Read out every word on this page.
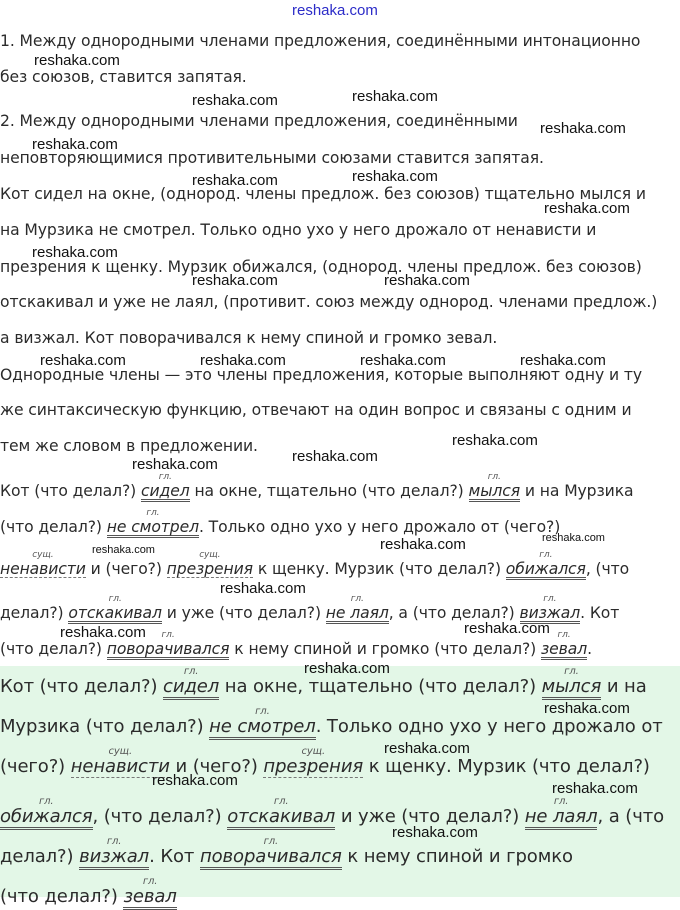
reshaka.com
1. Между однородными членами предложения, соединёнными интонационно
без союзов, ставится запятая.
2. Между однородными членами предложения, соединёнными
неповторяющимися противительными союзами ставится запятая.
Кот сидел на окне, (однород. члены предлож. без союзов) тщательно мылся и
на Мурзика не смотрел. Только одно ухо у него дрожало от ненависти и
презрения к щенку. Мурзик обижался, (однород. члены предлож. без союзов)
отскакивал и уже не лаял, (противит. союз между однород. членами предлож.)
а визжал. Кот поворачивался к нему спиной и громко зевал.
Однородные члены — это члены предложения, которые выполняют одну и ту
же синтаксическую функцию, отвечают на один вопрос и связаны с одним и
тем же словом в предложении.
Кот (что делал?)
гл.
сидел на окне, тщательно (что делал?)
гл.
мылся и на Мурзика
(что делал?)
гл.
не смотрел. Только одно ухо у него дрожало от (чего?)
сущ.
ненависти и (чего?)
сущ.
презрения к щенку. Мурзик (что делал?)
гл.
обижался, (что
делал?)
гл.
отскакивал и уже (что делал?)
гл.
не лаял, а (что делал?)
гл.
визжал. Кот
(что делал?)
гл.
поворачивался к нему спиной и громко (что делал?)
гл.
зевал.
Кот (что делал?)
гл.
сидел на окне, тщательно (что делал?)
гл.
мылся и на
Мурзика (что делал?)
гл.
не смотрел. Только одно ухо у него дрожало от
(чего?)
сущ.
ненависти и (чего?)
сущ.
презрения к щенку. Мурзик (что делал?)
гл.
обижался, (что делал?)
гл.
отскакивал и уже (что делал?)
гл.
не лаял, а (что
делал?)
гл.
визжал. Кот
гл.
поворачивался к нему спиной и громко
(что делал?)
гл.
зевал
reshaka.com
reshaka.com	reshaka.com
reshaka.com
reshaka.com
reshaka.com	reshaka.com
reshaka.com
reshaka.com
reshaka.com	reshaka.com
reshaka.com	reshaka.com	reshaka.com	reshaka.com
reshaka.com
reshaka.com
reshaka.com
reshaka.com	reshaka.com	reshaka.com
reshaka.com
reshaka.com	reshaka.com
reshaka.com
reshaka.com
reshaka.com
reshaka.com	reshaka.com
reshaka.com
